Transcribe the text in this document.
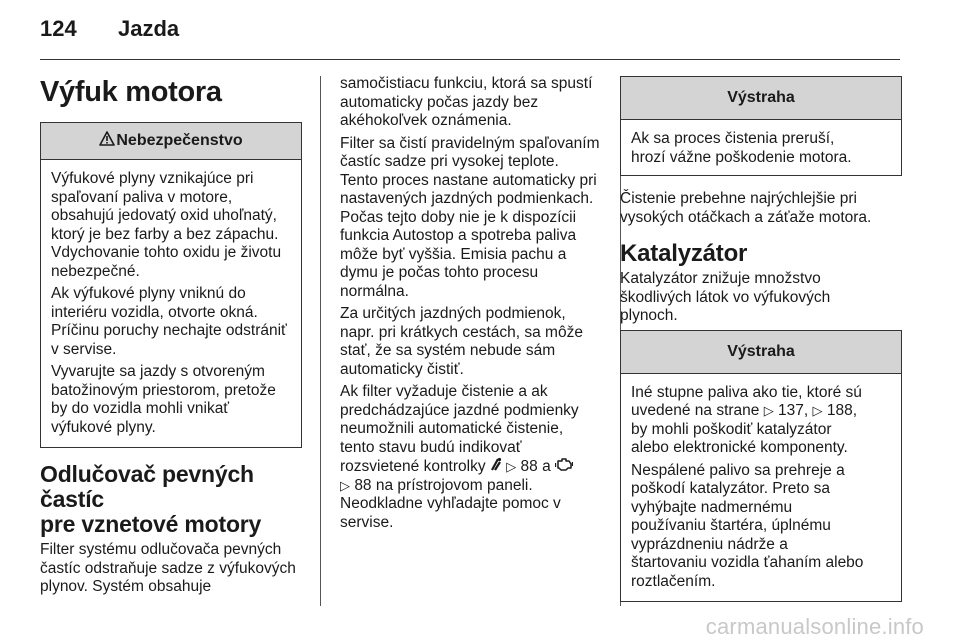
124 Jazda
Výfuk motora
Nebezpečenstvo

Výfukové plyny vznikajúce pri
spaľovaní paliva v motore,
obsahujú jedovatý oxid uhoľnatý,
ktorý je bez farby a bez zápachu.
Vdychovanie tohto oxidu je životu
nebezpečné.

Ak výfukové plyny vniknú do
interiéru vozidla, otvorte okná.
Príčinu poruchy nechajte odstrániť
v servise.

Vyvarujte sa jazdy s otvoreným
batožinovým priestorom, pretože
by do vozidla mohli vnikať
výfukové plyny.

Odlučovač pevných častíc
pre vznetové motory

Filter systému odlučovača pevných
častíc odstraňuje sadze z výfukových
plynov. Systém obsahuje

samočistiacu funkciu, ktorá sa spustí
automaticky počas jazdy bez
akéhokoľvek oznámenia.

Filter sa čistí pravidelným spaľovaním
častíc sadze pri vysokej teplote.
Tento proces nastane automaticky pri
nastavených jazdných podmienkach.
Počas tejto doby nie je k dispozícii
funkcia Autostop a spotreba paliva
môže byť vyššia. Emisia pachu a
dymu je počas tohto procesu
normálna.

Za určitých jazdných podmienok,
napr. pri krátkych cestách, sa môže
stať, že sa systém nebude sám
automaticky čistiť.

Ak filter vyžaduje čistenie a ak
predchádzajúce jazdné podmienky
neumožnili automatické čistenie,
tento stavu budú indikovať
rozsvietené kontrolky ▷ 88 a
▷ 88 na prístrojovom paneli.
Neodkladne vyhľadajte pomoc v
servise.

Výstraha

Ak sa proces čistenia preruší,
hrozí vážne poškodenie motora.

Čistenie prebehne najrýchlejšie pri
vysokých otáčkach a záťaže motora.

Katalyzátor

Katalyzátor znižuje množstvo
škodlivých látok vo výfukových
plynoch.

Výstraha

Iné stupne paliva ako tie, ktoré sú
uvedené na strane ▷ 137, ▷ 188,
by mohli poškodiť katalyzátor
alebo elektronické komponenty.

Nespálené palivo sa prehreje a
poškodí katalyzátor. Preto sa
vyhýbajte nadmernému
používaniu štartéra, úplnému
vyprázdneniu nádrže a
štartovaniu vozidla ťahaním alebo
roztlačením.

carmanualsonline.info
